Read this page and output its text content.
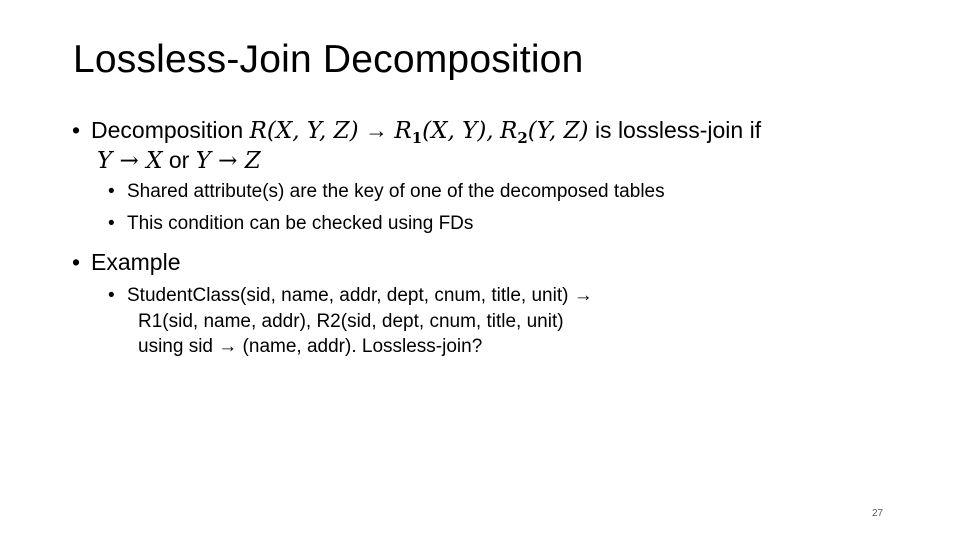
Lossless-Join Decomposition
• Decomposition R(X, Y, $Z) \to R_1(X$, Y), $R_2(Y$, Z) is lossless-join if
Y → X or Y → Z
• Shared attribute(s) are the key of one of the decomposed tables
• This condition can be checked using FDs
• Example
• StudentClass(sid, name, addr, dept, cnum, title, unit) →
R1(sid, name, addr), R2(sid, dept, cnum, title, unit)
using sid → (name, addr). Lossless-join?
27
